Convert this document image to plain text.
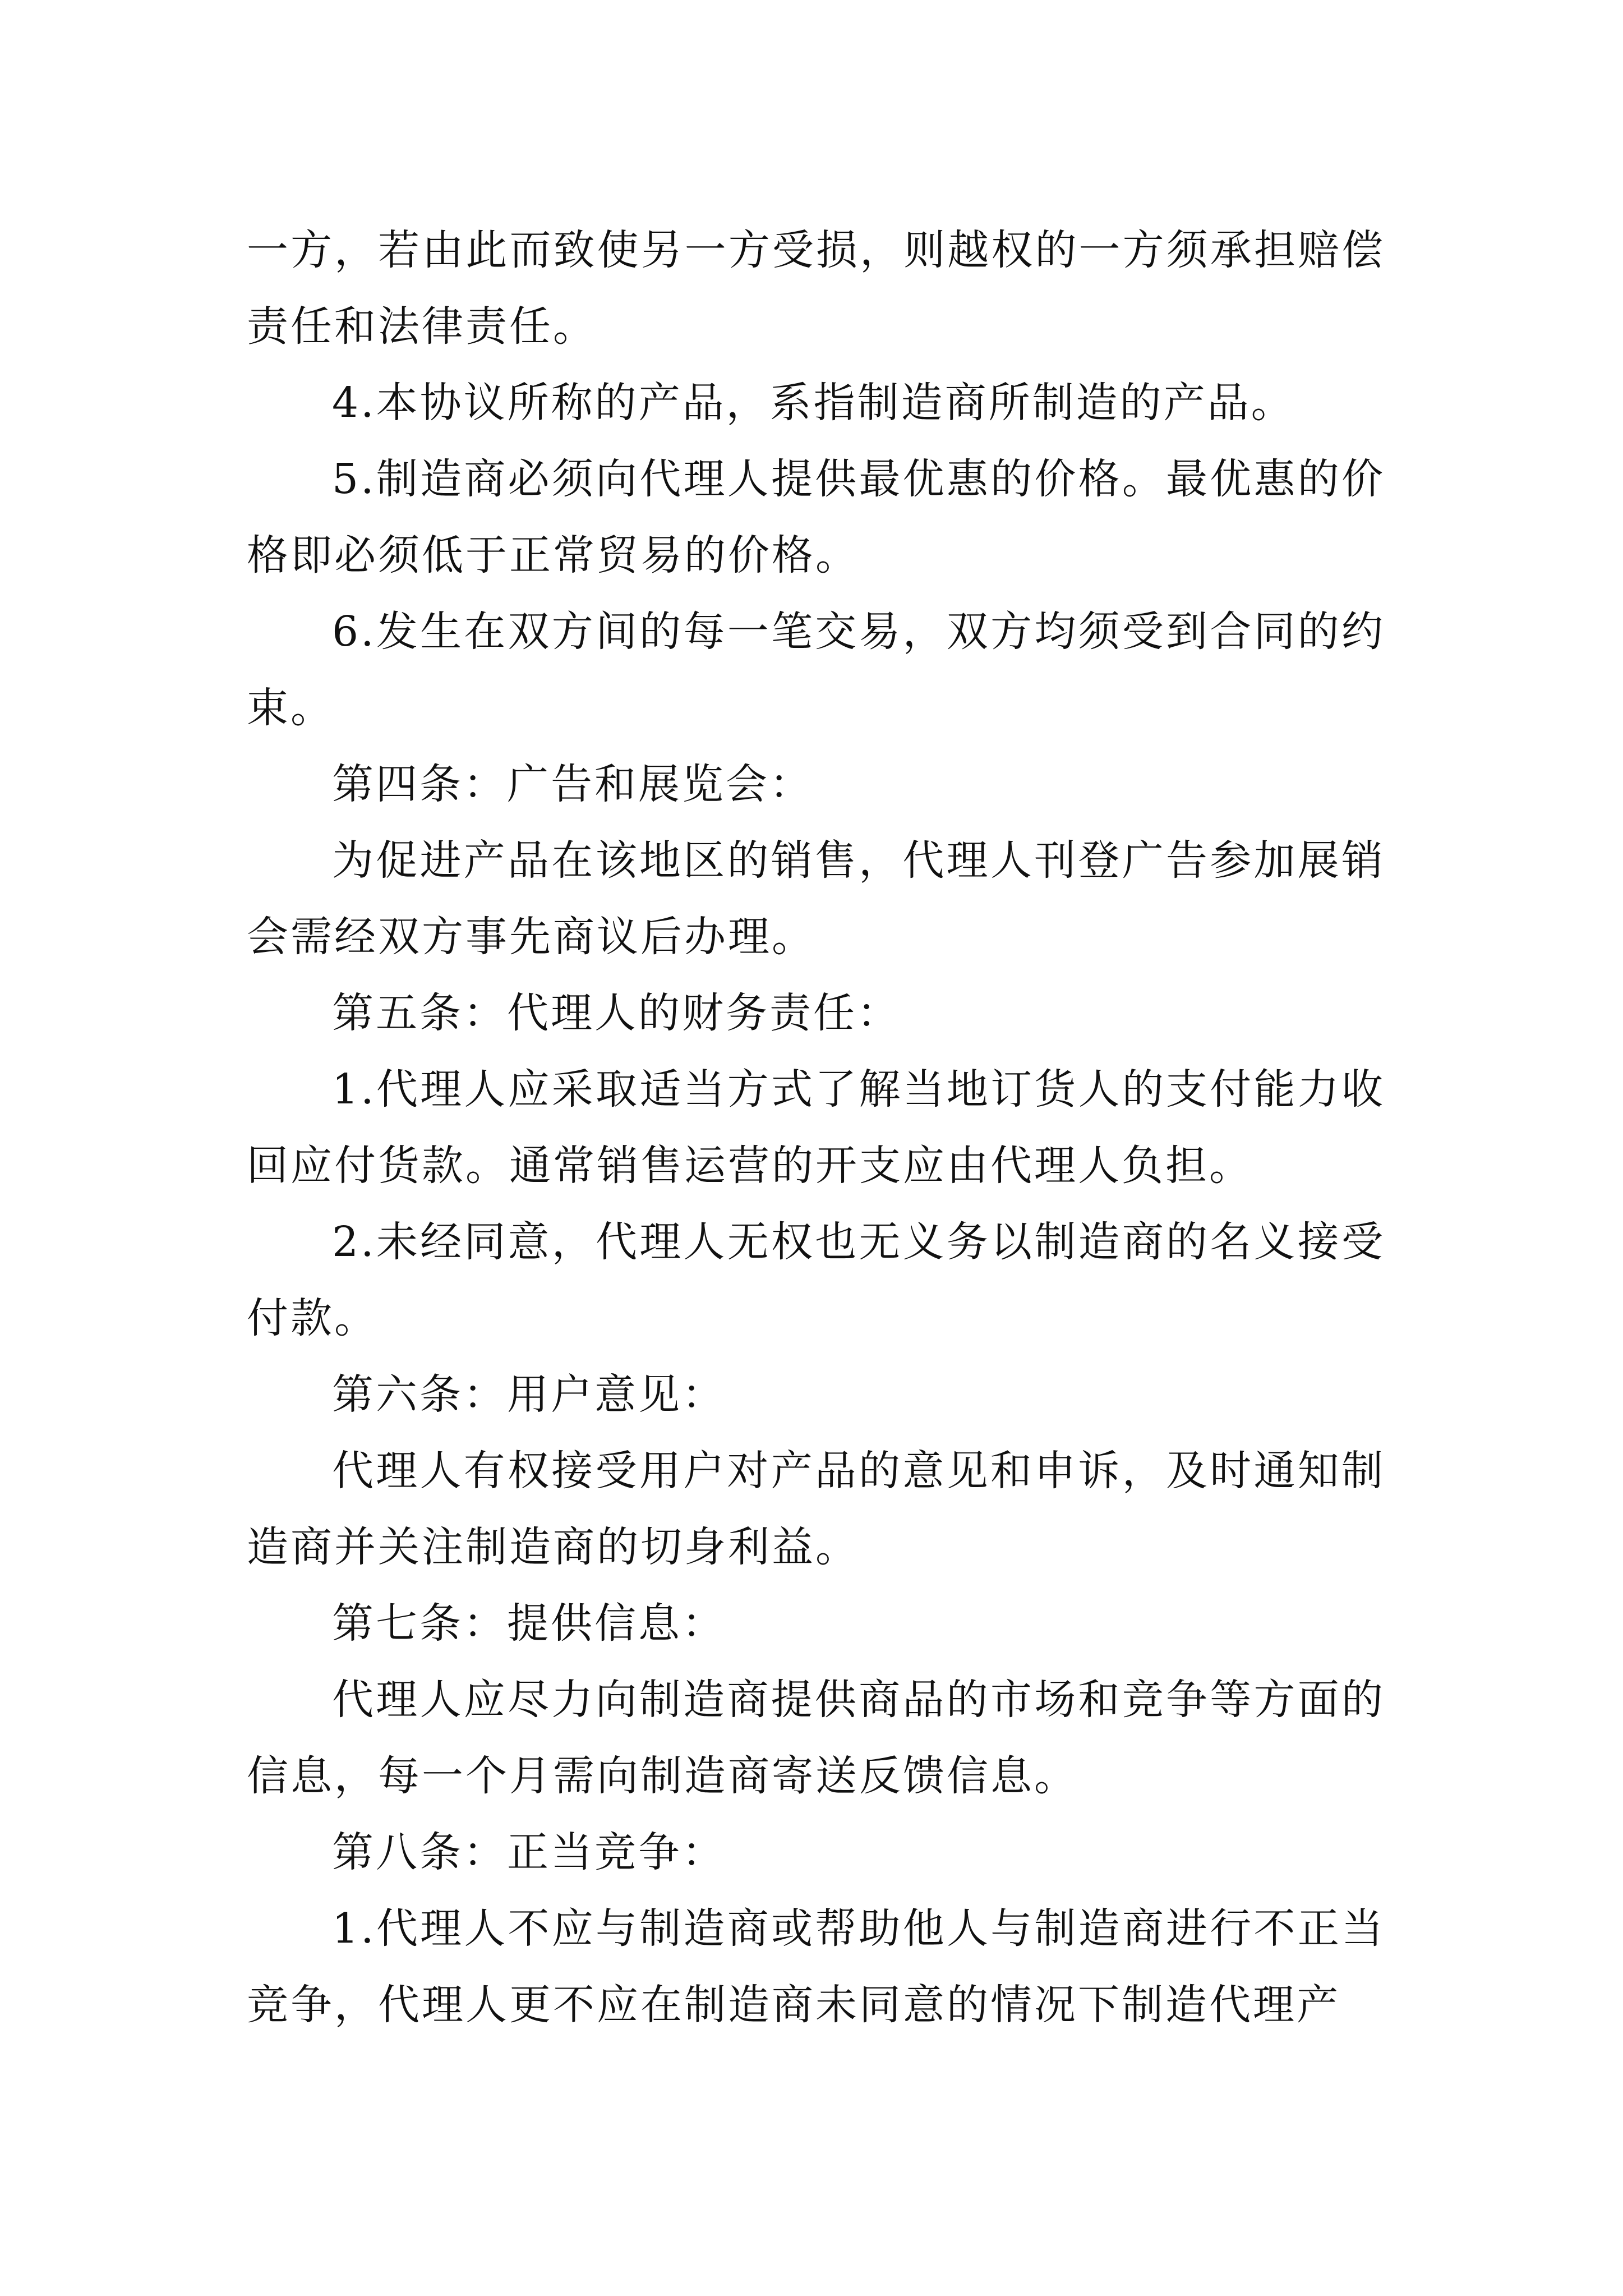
一方，若由此而致使另一方受损，则越权的一方须承担赔偿责任和法律责任。

4.本协议所称的产品，系指制造商所制造的产品。

5.制造商必须向代理人提供最优惠的价格。最优惠的价格即必须低于正常贸易的价格。

6.发生在双方间的每一笔交易，双方均须受到合同的约束。

第四条：广告和展览会：

为促进产品在该地区的销售，代理人刊登广告参加展销会需经双方事先商议后办理。

第五条：代理人的财务责任：

1.代理人应采取适当方式了解当地订货人的支付能力收回应付货款。通常销售运营的开支应由代理人负担。

2.未经同意，代理人无权也无义务以制造商的名义接受付款。

第六条：用户意见：

代理人有权接受用户对产品的意见和申诉，及时通知制造商并关注制造商的切身利益。

第七条：提供信息：

代理人应尽力向制造商提供商品的市场和竞争等方面的信息，每一个月需向制造商寄送反馈信息。

第八条：正当竞争：

1.代理人不应与制造商或帮助他人与制造商进行不正当竞争，代理人更不应在制造商未同意的情况下制造代理产
